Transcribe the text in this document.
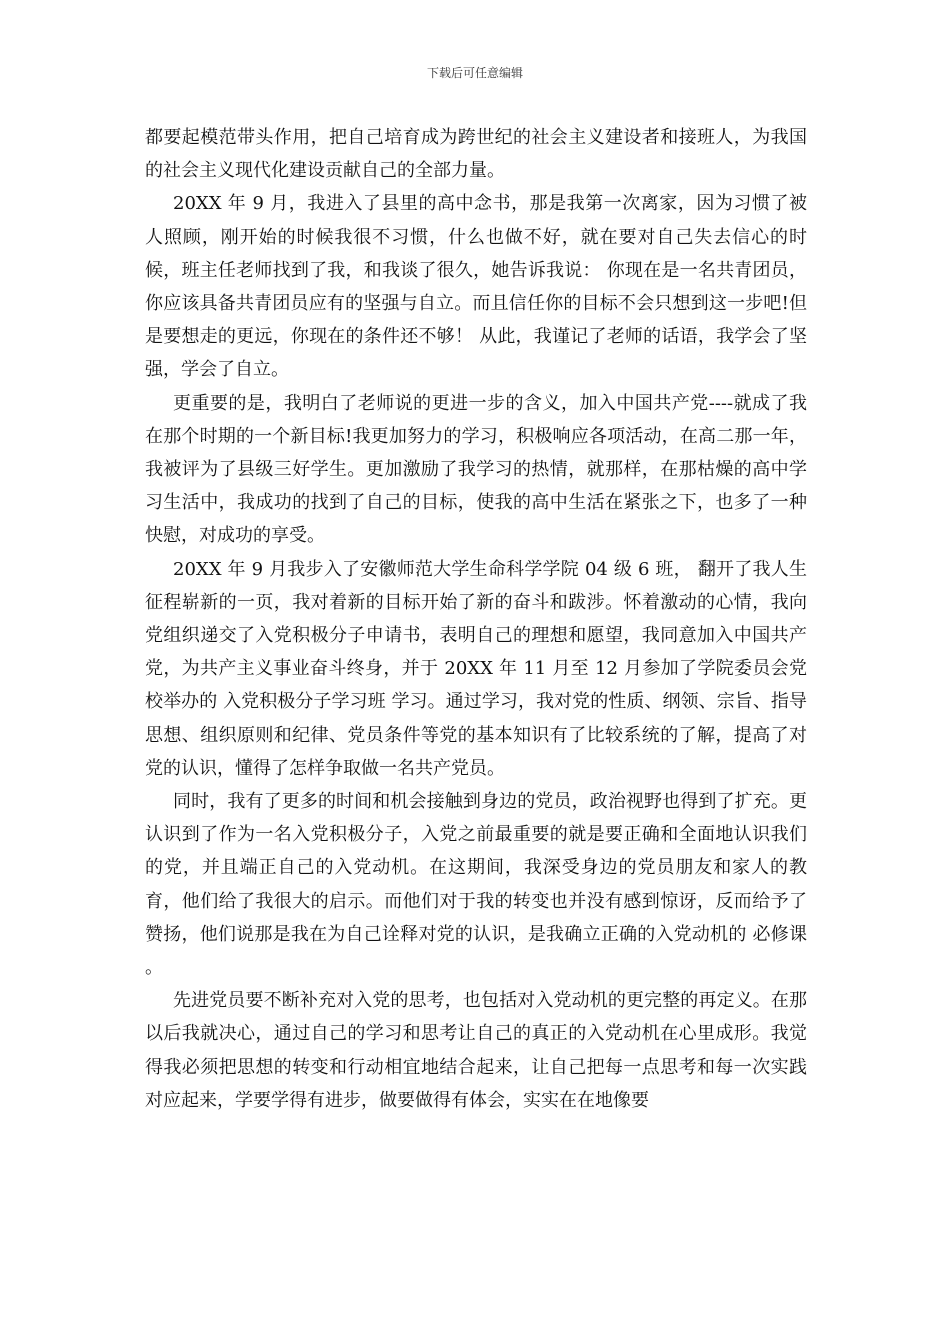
下载后可任意编辑

都要起模范带头作用，把自己培育成为跨世纪的社会主义建设者和接班人，为我国的社会主义现代化建设贡献自己的全部力量。

20XX 年 9 月，我进入了县里的高中念书，那是我第一次离家，因为习惯了被人照顾，刚开始的时候我很不习惯，什么也做不好，就在要对自己失去信心的时候，班主任老师找到了我，和我谈了很久，她告诉我说： 你现在是一名共青团员，你应该具备共青团员应有的坚强与自立。而且信任你的目标不会只想到这一步吧!但是要想走的更远，你现在的条件还不够！ 从此，我谨记了老师的话语，我学会了坚强，学会了自立。

更重要的是，我明白了老师说的更进一步的含义，加入中国共产党----就成了我在那个时期的一个新目标!我更加努力的学习，积极响应各项活动，在高二那一年，我被评为了县级三好学生。更加激励了我学习的热情，就那样，在那枯燥的高中学习生活中，我成功的找到了自己的目标，使我的高中生活在紧张之下，也多了一种快慰，对成功的享受。

20XX 年 9 月我步入了安徽师范大学生命科学学院 04 级 6 班， 翻开了我人生征程崭新的一页，我对着新的目标开始了新的奋斗和跋涉。怀着激动的心情，我向党组织递交了入党积极分子申请书，表明自己的理想和愿望，我同意加入中国共产党，为共产主义事业奋斗终身，并于 20XX 年 11 月至 12 月参加了学院委员会党校举办的 入党积极分子学习班 学习。通过学习，我对党的性质、纲领、宗旨、指导思想、组织原则和纪律、党员条件等党的基本知识有了比较系统的了解，提高了对党的认识，懂得了怎样争取做一名共产党员。

同时，我有了更多的时间和机会接触到身边的党员，政治视野也得到了扩充。更认识到了作为一名入党积极分子，入党之前最重要的就是要正确和全面地认识我们的党，并且端正自己的入党动机。在这期间，我深受身边的党员朋友和家人的教育，他们给了我很大的启示。而他们对于我的转变也并没有感到惊讶，反而给予了赞扬，他们说那是我在为自己诠释对党的认识，是我确立正确的入党动机的 必修课 。

先进党员要不断补充对入党的思考，也包括对入党动机的更完整的再定义。在那以后我就决心，通过自己的学习和思考让自己的真正的入党动机在心里成形。我觉得我必须把思想的转变和行动相宜地结合起来，让自己把每一点思考和每一次实践对应起来，学要学得有进步，做要做得有体会，实实在在地像要
